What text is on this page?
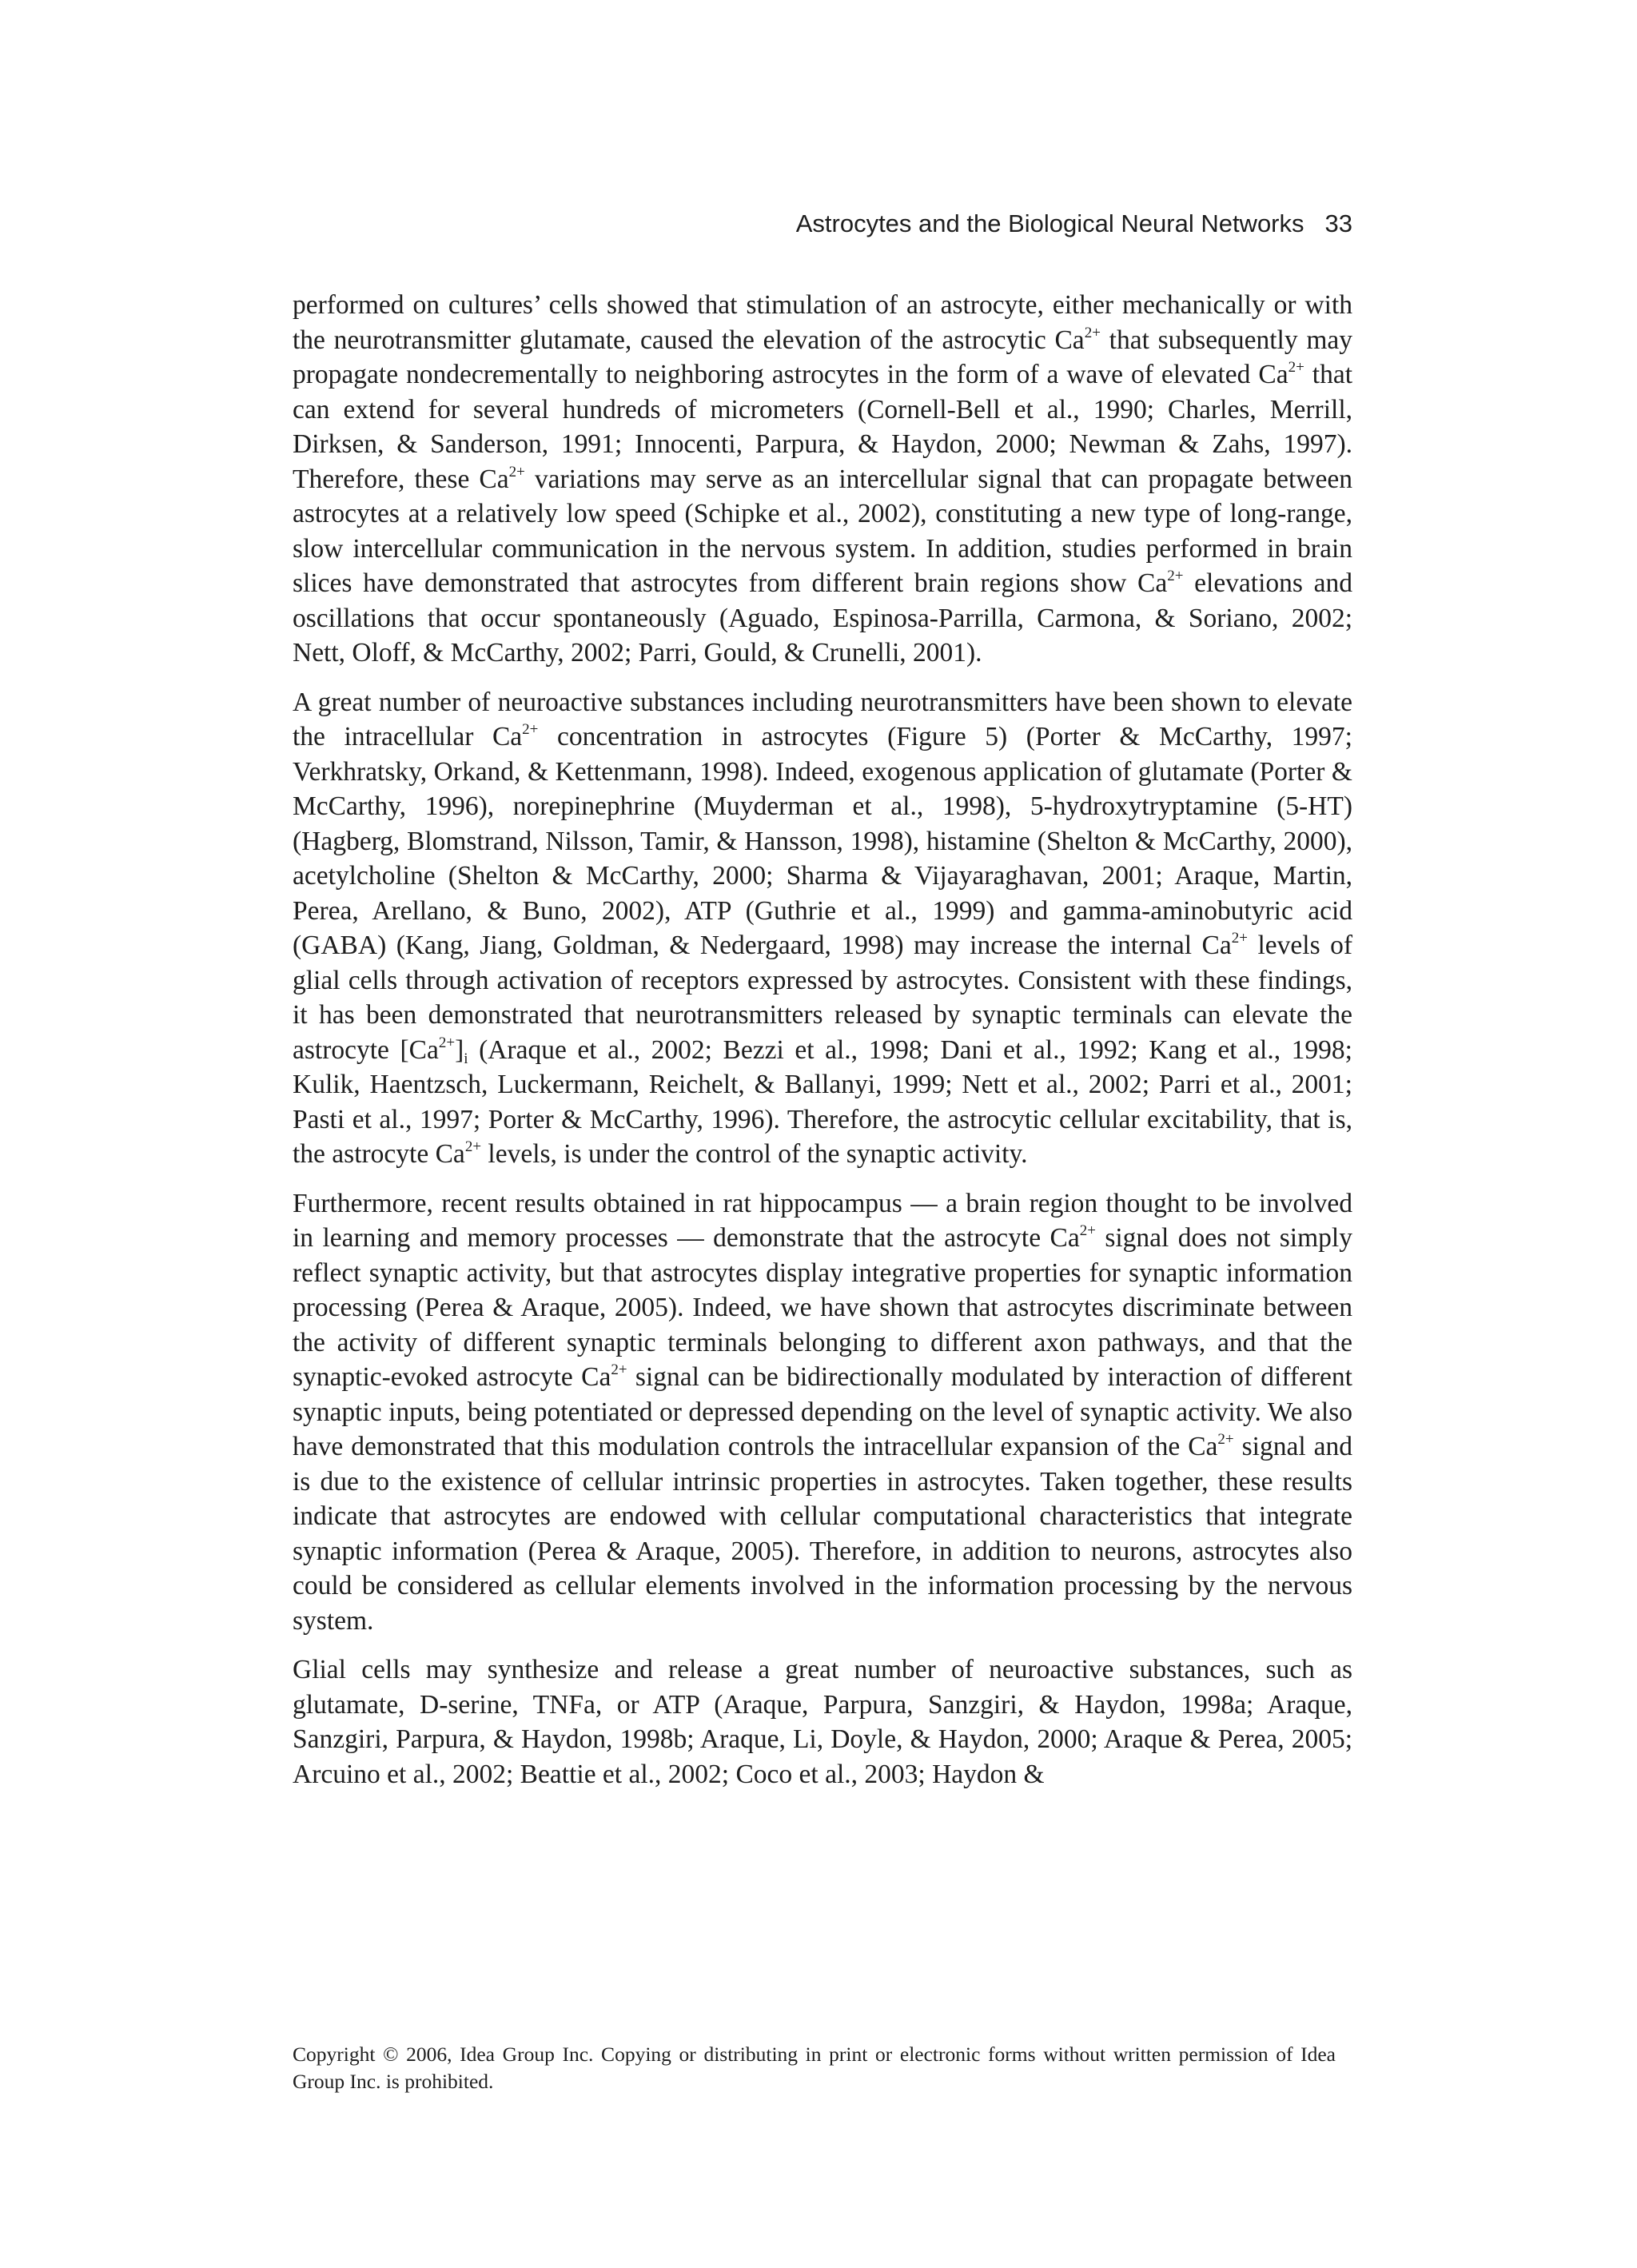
Astrocytes and the Biological Neural Networks 33

performed on cultures’ cells showed that stimulation of an astrocyte, either mechanically or with the neurotransmitter glutamate, caused the elevation of the astrocytic $Ca^{2+}$ that subsequently may propagate nondecrementally to neighboring astrocytes in the form of a wave of elevated $Ca^{2+}$ that can extend for several hundreds of micrometers (Cornell-Bell et al., 1990; Charles, Merrill, Dirksen, & Sanderson, 1991; Innocenti, Parpura, & Haydon, 2000; Newman & Zahs, 1997). Therefore, these $Ca^{2+}$ variations may serve as an intercellular signal that can propagate between astrocytes at a relatively low speed (Schipke et al., 2002), constituting a new type of long-range, slow intercellular communication in the nervous system. In addition, studies performed in brain slices have demonstrated that astrocytes from different brain regions show $Ca^{2+}$ elevations and oscillations that occur spontaneously (Aguado, Espinosa-Parrilla, Carmona, & Soriano, 2002; Nett, Oloff, & McCarthy, 2002; Parri, Gould, & Crunelli, 2001).

A great number of neuroactive substances including neurotransmitters have been shown to elevate the intracellular $Ca^{2+}$ concentration in astrocytes (Figure 5) (Porter & McCarthy, 1997; Verkhratsky, Orkand, & Kettenmann, 1998). Indeed, exogenous application of glutamate (Porter & McCarthy, 1996), norepinephrine (Muyderman et al., 1998), 5-hydroxytryptamine (5-HT) (Hagberg, Blomstrand, Nilsson, Tamir, & Hansson, 1998), histamine (Shelton & McCarthy, 2000), acetylcholine (Shelton & McCarthy, 2000; Sharma & Vijayaraghavan, 2001; Araque, Martin, Perea, Arellano, & Buno, 2002), ATP (Guthrie et al., 1999) and gamma-aminobutyric acid (GABA) (Kang, Jiang, Goldman, & Nedergaard, 1998) may increase the internal $Ca^{2+}$ levels of glial cells through activation of receptors expressed by astrocytes. Consistent with these findings, it has been demonstrated that neurotransmitters released by synaptic terminals can elevate the astrocyte $[Ca^{2+}]_i$ (Araque et al., 2002; Bezzi et al., 1998; Dani et al., 1992; Kang et al., 1998; Kulik, Haentzsch, Luckermann, Reichelt, & Ballanyi, 1999; Nett et al., 2002; Parri et al., 2001; Pasti et al., 1997; Porter & McCarthy, 1996). Therefore, the astrocytic cellular excitability, that is, the astrocyte $Ca^{2+}$ levels, is under the control of the synaptic activity.

Furthermore, recent results obtained in rat hippocampus — a brain region thought to be involved in learning and memory processes — demonstrate that the astrocyte $Ca^{2+}$ signal does not simply reflect synaptic activity, but that astrocytes display integrative properties for synaptic information processing (Perea & Araque, 2005). Indeed, we have shown that astrocytes discriminate between the activity of different synaptic terminals belonging to different axon pathways, and that the synaptic-evoked astrocyte $Ca^{2+}$ signal can be bidirectionally modulated by interaction of different synaptic inputs, being potentiated or depressed depending on the level of synaptic activity. We also have demonstrated that this modulation controls the intracellular expansion of the $Ca^{2+}$ signal and is due to the existence of cellular intrinsic properties in astrocytes. Taken together, these results indicate that astrocytes are endowed with cellular computational characteristics that integrate synaptic information (Perea & Araque, 2005). Therefore, in addition to neurons, astrocytes also could be considered as cellular elements involved in the information processing by the nervous system.

Glial cells may synthesize and release a great number of neuroactive substances, such as glutamate, D-serine, TNFa, or ATP (Araque, Parpura, Sanzgiri, & Haydon, 1998a; Araque, Sanzgiri, Parpura, & Haydon, 1998b; Araque, Li, Doyle, & Haydon, 2000; Araque & Perea, 2005; Arcuino et al., 2002; Beattie et al., 2002; Coco et al., 2003; Haydon &

Copyright © 2006, Idea Group Inc. Copying or distributing in print or electronic forms without written permission of Idea Group Inc. is prohibited.
